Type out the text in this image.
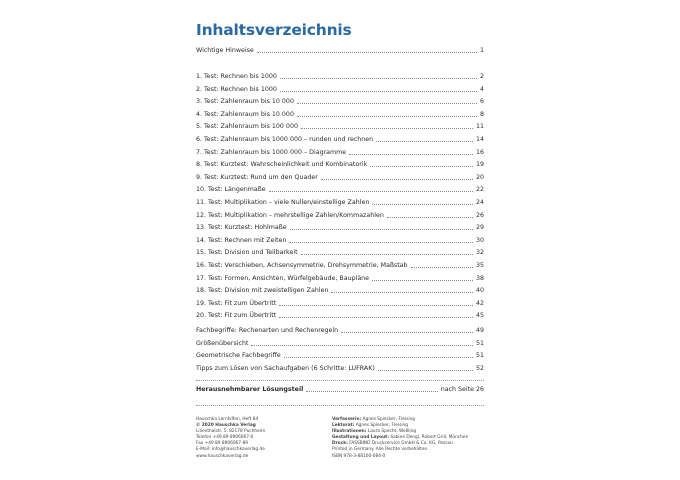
Inhaltsverzeichnis
Wichtige Hinweise	1
1. Test: Rechnen bis 1000	2
2. Test: Rechnen bis 1000	4
3. Test: Zahlenraum bis 10 000	6
4. Test: Zahlenraum bis 10 000	8
5. Test: Zahlenraum bis 100 000	11
6. Test: Zahlenraum bis 1000 000 – runden und rechnen	14
7. Test: Zahlenraum bis 1000 000 – Diagramme	16
8. Test: Kurztest: Wahrscheinlichkeit und Kombinatorik	19
9. Test: Kurztest: Rund um den Quader	20
10. Test: Längenmaße	22
11. Test: Multiplikation – viele Nullen/einstellige Zahlen	24
12. Test: Multiplikation – mehrstellige Zahlen/Kommazahlen	26
13. Test: Kurztest: Hohlmaße	29
14. Test: Rechnen mit Zeiten	30
15. Test: Division und Teilbarkeit	32
16. Test: Verschieben, Achsensymmetrie, Drehsymmetrie, Maßstab	35
17. Test: Formen, Ansichten, Würfelgebäude, Baupläne	38
18. Test: Division mit zweistelligen Zahlen	40
19. Test: Fit zum Übertritt	42
20. Test: Fit zum Übertritt	45
Fachbegriffe: Rechenarten und Rechenregeln	49
Größenübersicht	51
Geometrische Fachbegriffe	51
Tipps zum Lösen von Sachaufgaben (6 Schritte: LUFRAK)	52
Herausnehmbarer Lösungsteil	nach Seite 26
Hauschka Lernhilfen, Heft 84
© 2020 Hauschka Verlag
Lilienthalstr. 5, 82178 Puchheim
Telefon +49 89 8906067-0
Fax +49 89 8906067-89
E-Mail: info@hauschkaverlag.de
www.hauschkaverlag.de
Verfasserin: Agnes Spiecker, Freising
Lektorat: Agnes Spiecker, Freising
Illustrationen: Laura Specht, Weßling
Gestaltung und Layout: Sabine Dengl, Robert Grill, München
Druck: FASSBIND Druckservice GmbH & Co. KG, Passau
Printed in Germany. Alle Rechte vorbehalten.
ISBN 978-3-88100-084-0
